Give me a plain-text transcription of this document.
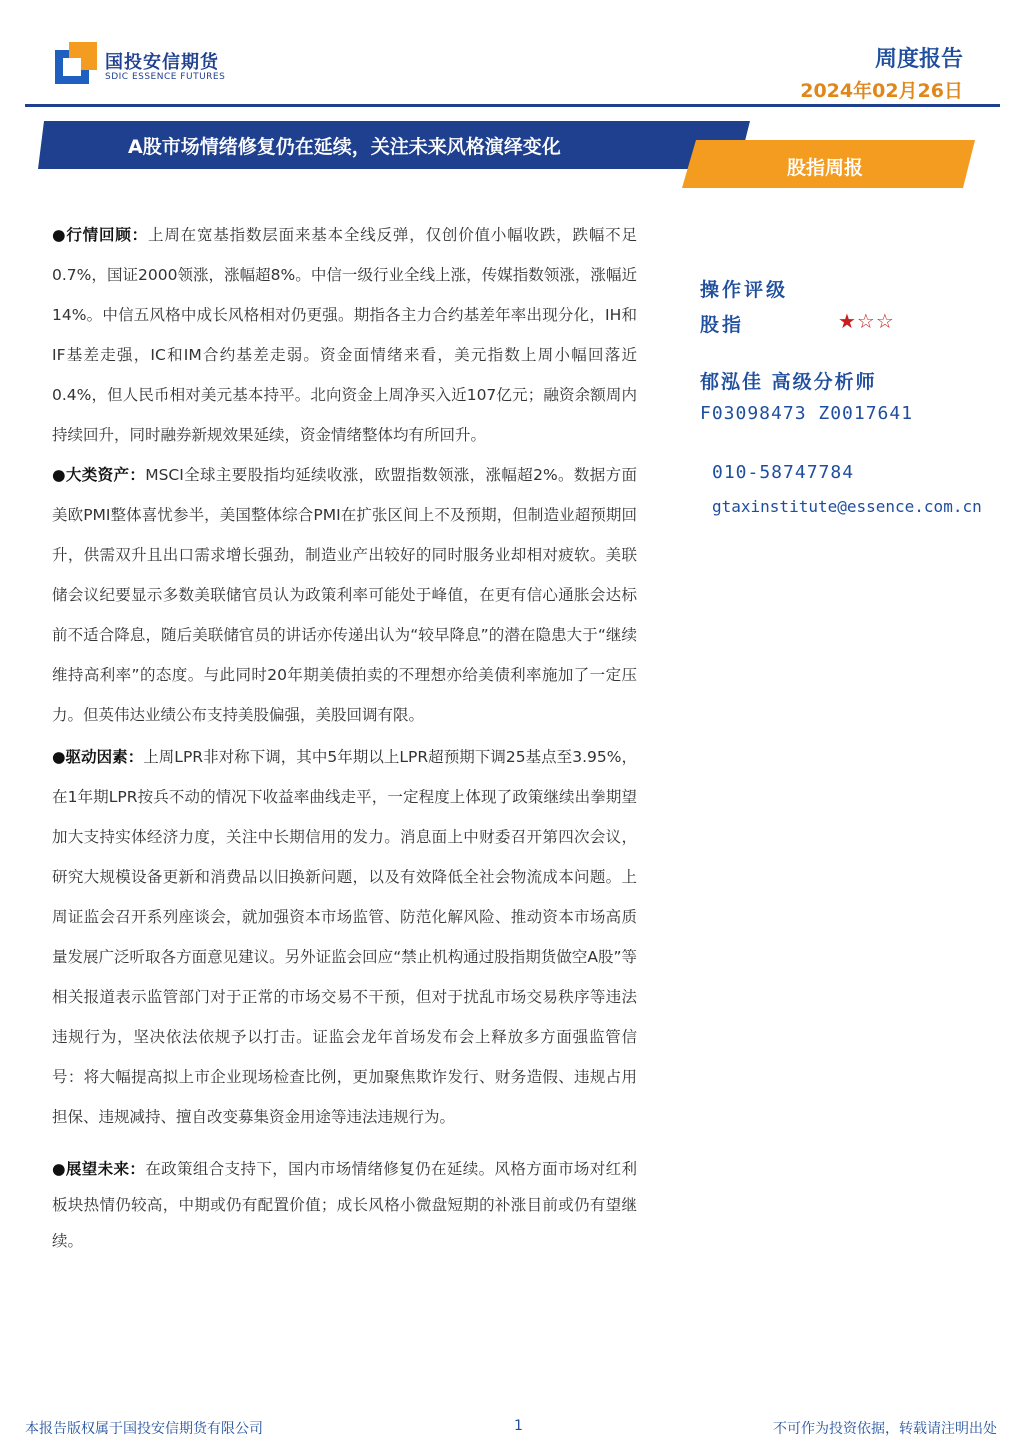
国投安信期货
SDIC ESSENCE FUTURES
周度报告
2024年02月26日
A股市场情绪修复仍在延续，关注未来风格演绎变化
股指周报

●行情回顾：上周在宽基指数层面来基本全线反弹，仅创价值小幅收跌，跌幅不足0.7%，国证2000领涨，涨幅超8%。中信一级行业全线上涨，传媒指数领涨，涨幅近14%。中信五风格中成长风格相对仍更强。期指各主力合约基差年率出现分化，IH和IF基差走强，IC和IM合约基差走弱。资金面情绪来看，美元指数上周小幅回落近0.4%，但人民币相对美元基本持平。北向资金上周净买入近107亿元；融资余额周内持续回升，同时融券新规效果延续，资金情绪整体均有所回升。

●大类资产：MSCI全球主要股指均延续收涨，欧盟指数领涨，涨幅超2%。数据方面美欧PMI整体喜忧参半，美国整体综合PMI在扩张区间上不及预期，但制造业超预期回升，供需双升且出口需求增长强劲，制造业产出较好的同时服务业却相对疲软。美联储会议纪要显示多数美联储官员认为政策利率可能处于峰值，在更有信心通胀会达标前不适合降息，随后美联储官员的讲话亦传递出认为“较早降息”的潜在隐患大于“继续维持高利率”的态度。与此同时20年期美债拍卖的不理想亦给美债利率施加了一定压力。但英伟达业绩公布支持美股偏强，美股回调有限。

●驱动因素：上周LPR非对称下调，其中5年期以上LPR超预期下调25基点至3.95%，在1年期LPR按兵不动的情况下收益率曲线走平，一定程度上体现了政策继续出拳期望加大支持实体经济力度，关注中长期信用的发力。消息面上中财委召开第四次会议，研究大规模设备更新和消费品以旧换新问题，以及有效降低全社会物流成本问题。上周证监会召开系列座谈会，就加强资本市场监管、防范化解风险、推动资本市场高质量发展广泛听取各方面意见建议。另外证监会回应“禁止机构通过股指期货做空A股”等相关报道表示监管部门对于正常的市场交易不干预，但对于扰乱市场交易秩序等违法违规行为，坚决依法依规予以打击。证监会龙年首场发布会上释放多方面强监管信号：将大幅提高拟上市企业现场检查比例，更加聚焦欺诈发行、财务造假、违规占用担保、违规减持、擅自改变募集资金用途等违法违规行为。

●展望未来：在政策组合支持下，国内市场情绪修复仍在延续。风格方面市场对红利板块热情仍较高，中期或仍有配置价值；成长风格小微盘短期的补涨目前或仍有望继续。

操作评级
股指	★☆☆
郁泓佳 高级分析师
F03098473 Z0017641
010-58747784
gtaxinstitute@essence.com.cn
本报告版权属于国投安信期货有限公司	1	不可作为投资依据，转载请注明出处
